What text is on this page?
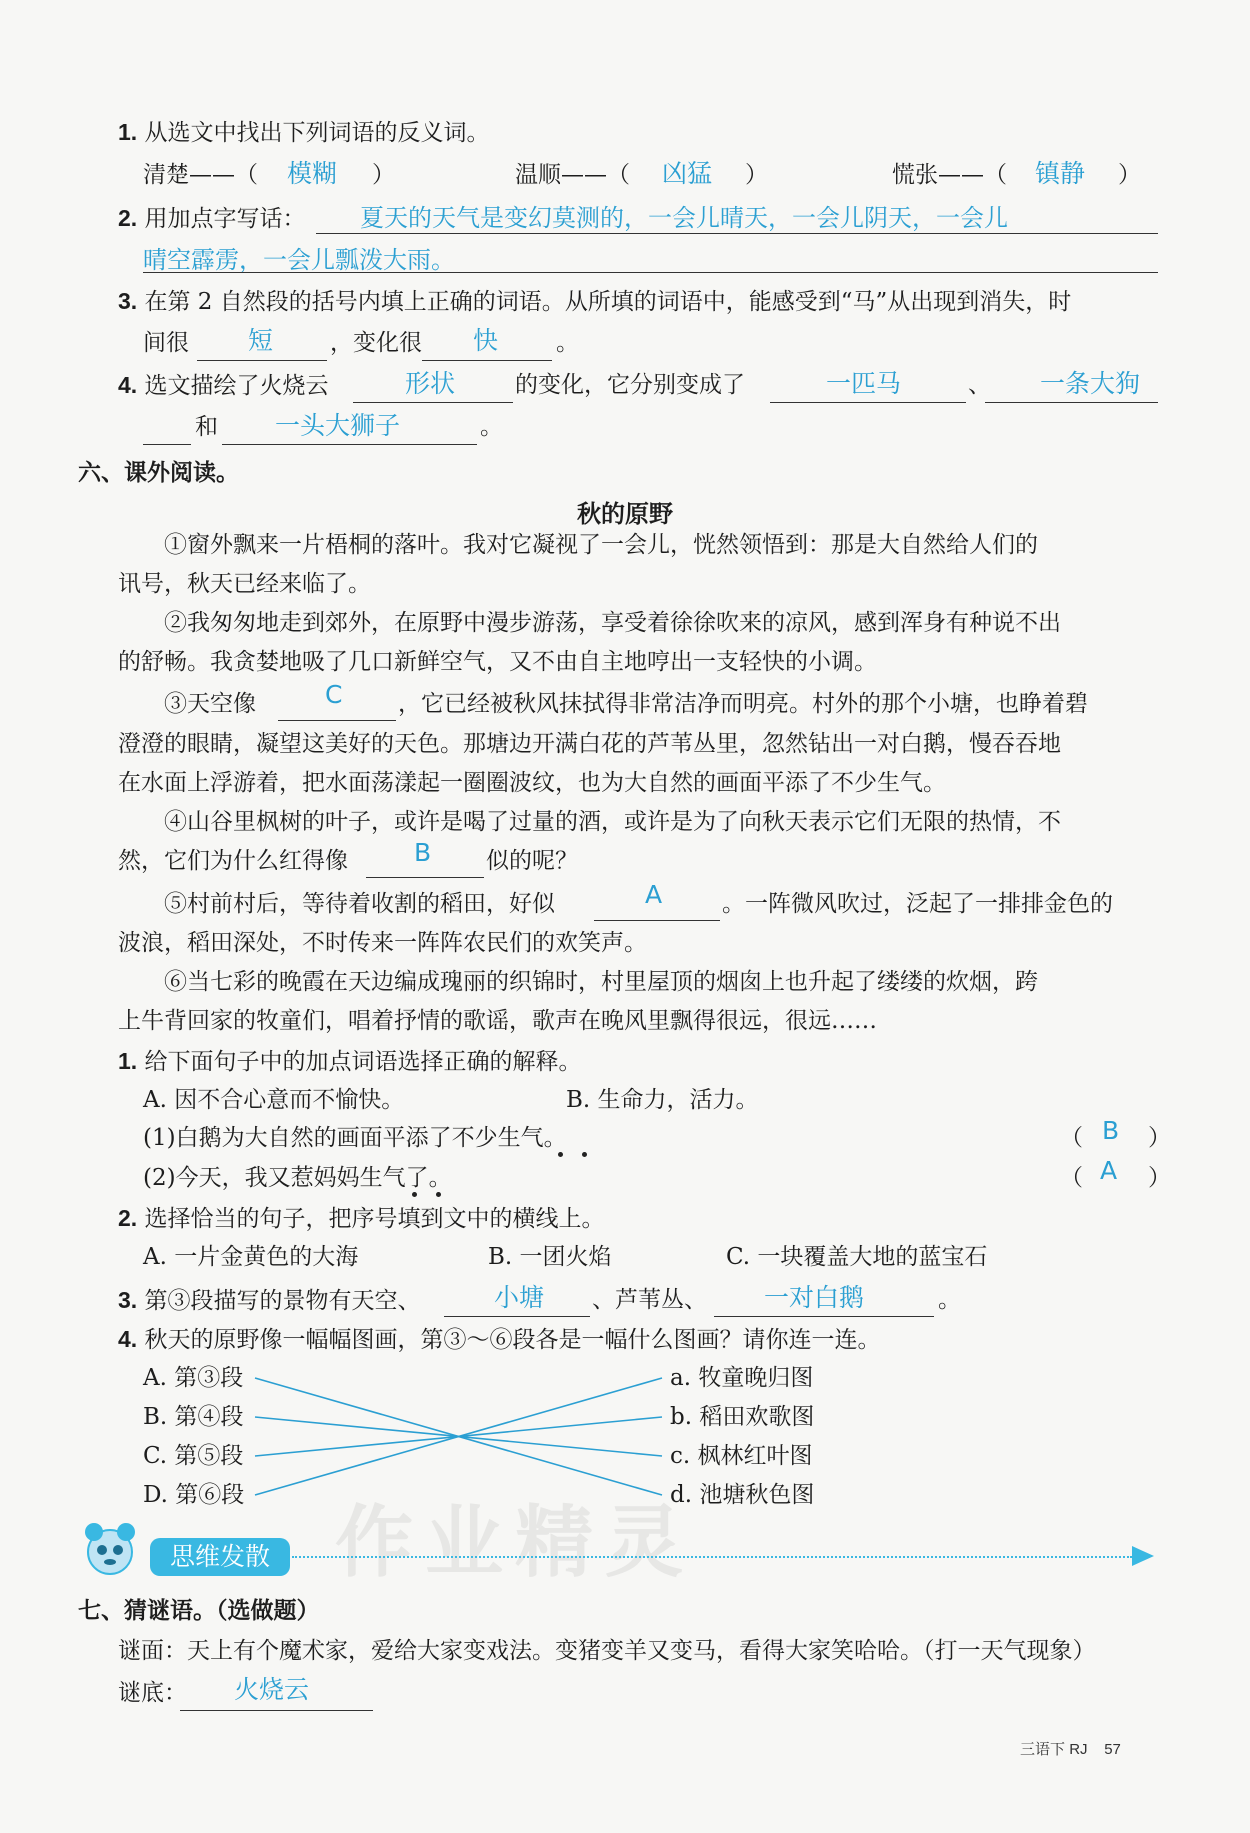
作业精灵
1. 从选文中找出下列词语的反义词。
清楚——（ 模糊 ）	温顺——（ 凶猛 ）	慌张——（ 镇静 ）
2. 用加点字写话： 夏天的天气是变幻莫测的，一会儿晴天，一会儿阴天，一会儿
晴空霹雳，一会儿瓢泼大雨。
3. 在第 2 自然段的括号内填上正确的词语。从所填的词语中，能感受到“马”从出现到消失，时
间很 短 ，变化很 快	。
4. 选文描绘了火烧云	形状	的变化，它分别变成了	一匹马	、 一条大狗
和 一头大狮子	。
六、课外阅读。
秋的原野
①窗外飘来一片梧桐的落叶。我对它凝视了一会儿，恍然领悟到：那是大自然给人们的
讯号，秋天已经来临了。
②我匆匆地走到郊外，在原野中漫步游荡，享受着徐徐吹来的凉风，感到浑身有种说不出
的舒畅。我贪婪地吸了几口新鲜空气，又不由自主地哼出一支轻快的小调。
③天空像	C ，它已经被秋风抹拭得非常洁净而明亮。村外的那个小塘，也睁着碧
澄澄的眼睛，凝望这美好的天色。那塘边开满白花的芦苇丛里，忽然钻出一对白鹅，慢吞吞地
在水面上浮游着，把水面荡漾起一圈圈波纹，也为大自然的画面平添了不少生气。
④山谷里枫树的叶子，或许是喝了过量的酒，或许是为了向秋天表示它们无限的热情，不
然，它们为什么红得像	B 似的呢？
⑤村前村后，等待着收割的稻田，好似	A	。一阵微风吹过，泛起了一排排金色的
波浪，稻田深处，不时传来一阵阵农民们的欢笑声。
⑥当七彩的晚霞在天边编成瑰丽的织锦时，村里屋顶的烟囱上也升起了缕缕的炊烟，跨
上牛背回家的牧童们，唱着抒情的歌谣，歌声在晚风里飘得很远，很远……
1. 给下面句子中的加点词语选择正确的解释。
A. 因不合心意而不愉快。	B. 生命力，活力。
(1)白鹅为大自然的画面平添了不少生气。	（ B ）
(2)今天，我又惹妈妈生气了。	（ A ）
2. 选择恰当的句子，把序号填到文中的横线上。
A. 一片金黄色的大海	B. 一团火焰	C. 一块覆盖大地的蓝宝石
3. 第③段描写的景物有天空、	小塘 、芦苇丛、 一对白鹅	。
4. 秋天的原野像一幅幅图画，第③～⑥段各是一幅什么图画？请你连一连。
A. 第③段
B. 第④段
C. 第⑤段
D. 第⑥段
a. 牧童晚归图
b. 稻田欢歌图
c. 枫林红叶图
d. 池塘秋色图
思维发散
七、猜谜语。（选做题）
谜面：天上有个魔术家，爱给大家变戏法。变猪变羊又变马，看得大家笑哈哈。（打一天气现象）
谜底： 火烧云
三语下 RJ 57
